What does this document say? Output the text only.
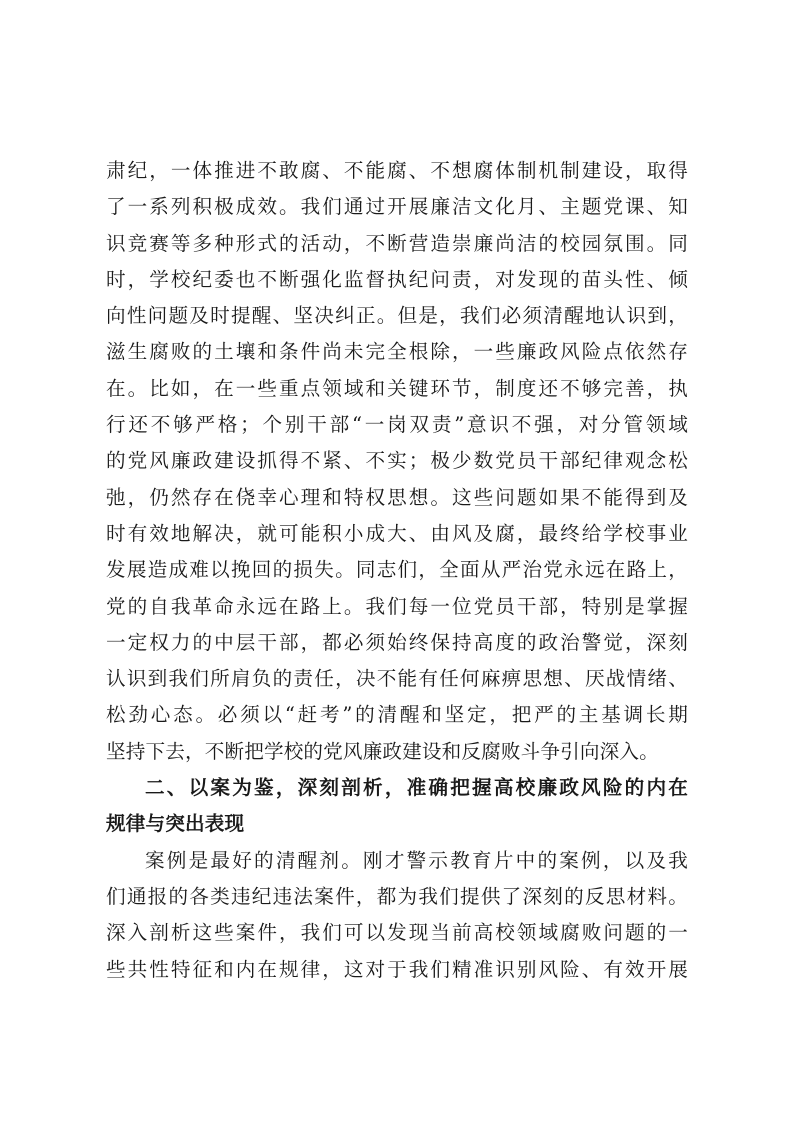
肃纪，一体推进不敢腐、不能腐、不想腐体制机制建设，取得
了一系列积极成效。我们通过开展廉洁文化月、主题党课、知
识竞赛等多种形式的活动，不断营造崇廉尚洁的校园氛围。同
时，学校纪委也不断强化监督执纪问责，对发现的苗头性、倾
向性问题及时提醒、坚决纠正。但是，我们必须清醒地认识到，
滋生腐败的土壤和条件尚未完全根除，一些廉政风险点依然存
在。比如，在一些重点领域和关键环节，制度还不够完善，执
行还不够严格；个别干部“一岗双责”意识不强，对分管领域
的党风廉政建设抓得不紧、不实；极少数党员干部纪律观念松
弛，仍然存在侥幸心理和特权思想。这些问题如果不能得到及
时有效地解决，就可能积小成大、由风及腐，最终给学校事业
发展造成难以挽回的损失。同志们，全面从严治党永远在路上，
党的自我革命永远在路上。我们每一位党员干部，特别是掌握
一定权力的中层干部，都必须始终保持高度的政治警觉，深刻
认识到我们所肩负的责任，决不能有任何麻痹思想、厌战情绪、
松劲心态。必须以“赶考”的清醒和坚定，把严的主基调长期
坚持下去，不断把学校的党风廉政建设和反腐败斗争引向深入。
二、以案为鉴，深刻剖析，准确把握高校廉政风险的内在
规律与突出表现
案例是最好的清醒剂。刚才警示教育片中的案例，以及我
们通报的各类违纪违法案件，都为我们提供了深刻的反思材料。
深入剖析这些案件，我们可以发现当前高校领域腐败问题的一
些共性特征和内在规律，这对于我们精准识别风险、有效开展
